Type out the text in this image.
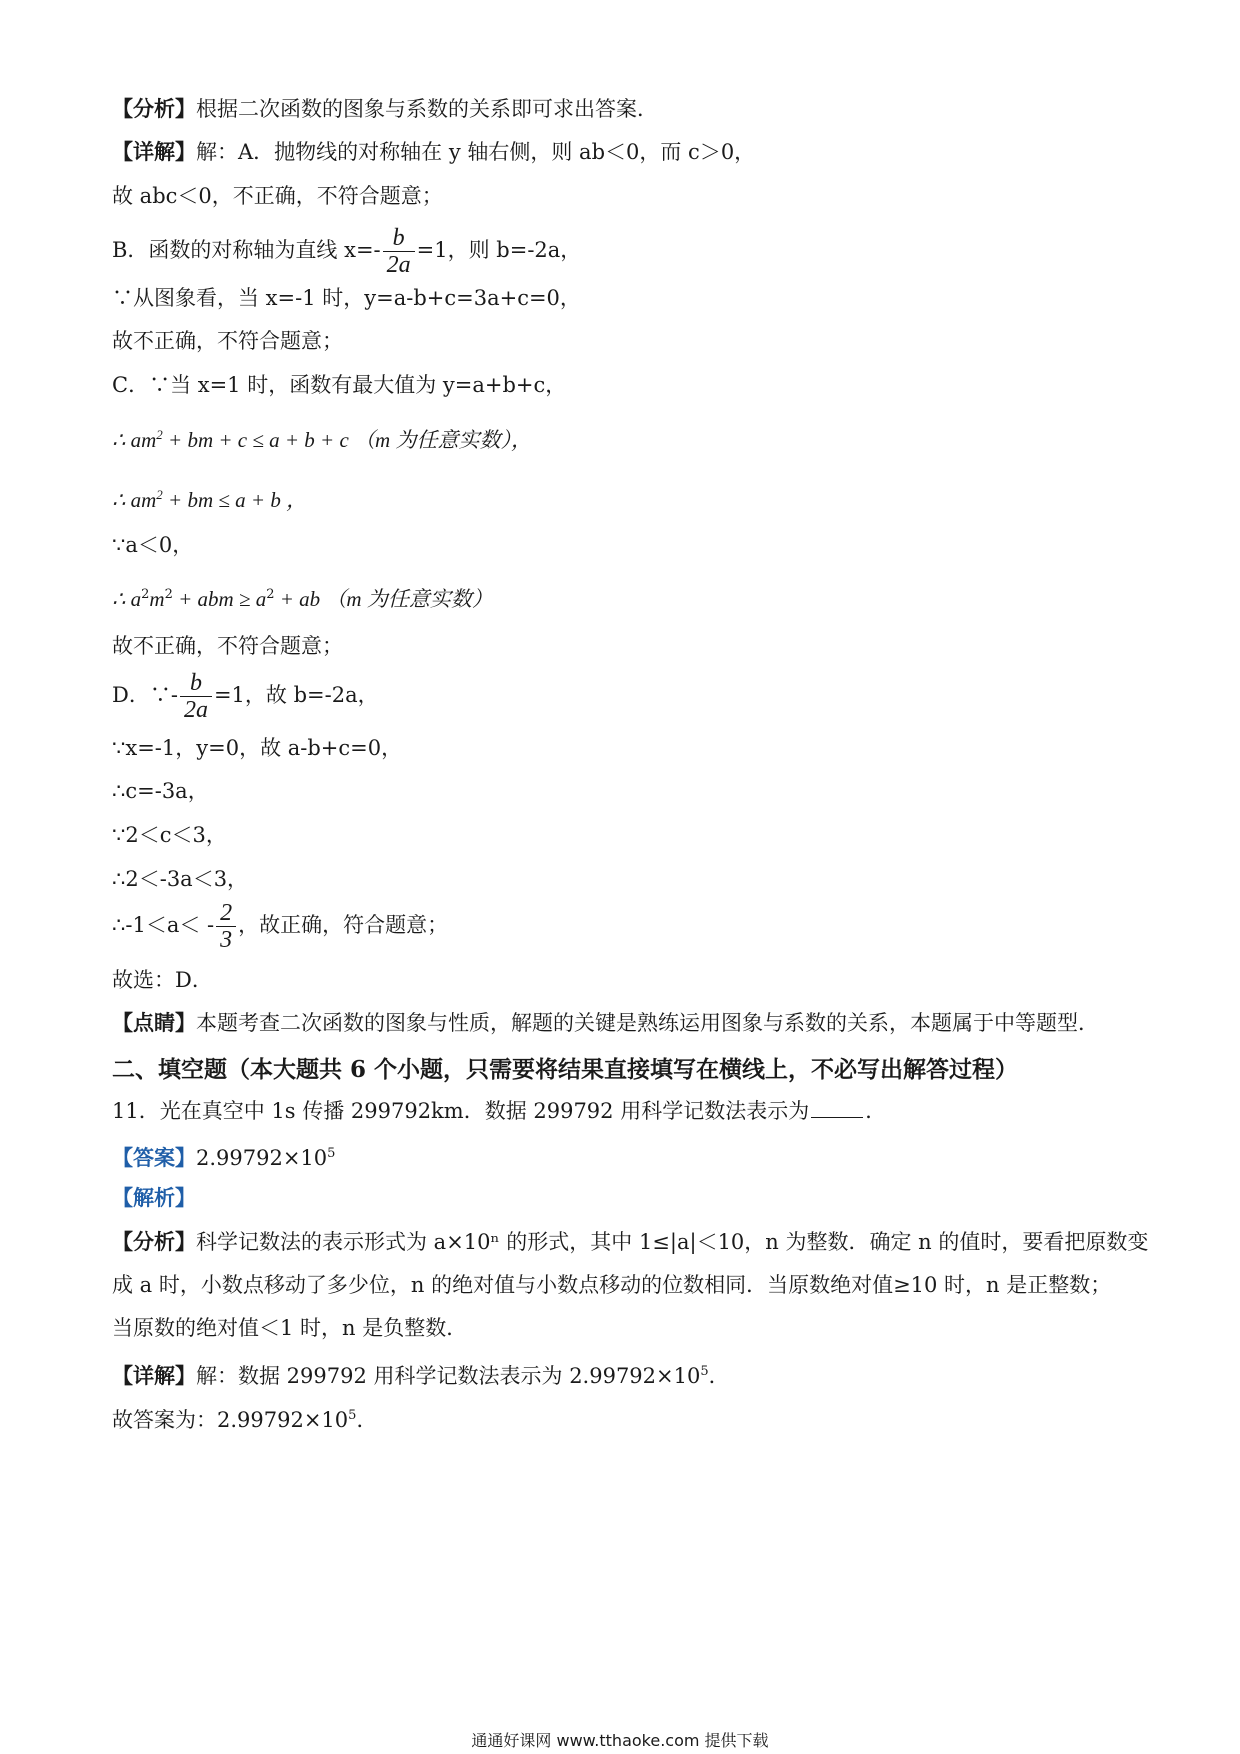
【分析】根据二次函数的图象与系数的关系即可求出答案．
【详解】解：A．抛物线的对称轴在 y 轴右侧，则 ab＜0，而 c＞0，
故 abc＜0，不正确，不符合题意；
B．函数的对称轴为直线 $x=- \frac{b}{2a} =1$，则 b=-2a，
∵从图象看，当 x=-1 时，y=a-b+c=3a+c=0，
故不正确，不符合题意；
C．∵当 x=1 时，函数有最大值为 y=a+b+c，
∴ $am^2$ + bm + c ≤ a + b + c （m 为任意实数），
∴ $am^2$ + bm ≤ a + b ，
∵a＜0，
∴ $a^2m^2$ + abm ≥ $a^2$ + ab （m 为任意实数）
故不正确，不符合题意；
D．∵- $\frac{b}{2a} =1$，故 b=-2a，
∵x=-1，y=0，故 a-b+c=0，
∴c=-3a，
∵2＜c＜3，
∴2＜-3a＜3，
∴-1＜a＜ - $\frac{2}{3}$ ，故正确，符合题意；
故选：D．
【点睛】本题考查二次函数的图象与性质，解题的关键是熟练运用图象与系数的关系，本题属于中等题型．
二、填空题（本大题共 6 个小题，只需要将结果直接填写在横线上，不必写出解答过程）
11．光在真空中 1s 传播 299792km．数据 299792 用科学记数法表示为	．
【答案】$2.99792\times 10^5$
【解析】
【分析】科学记数法的表示形式为 a×10ⁿ 的形式，其中 1≤|a|＜10，n 为整数．确定 n 的值时，要看把原数变
成 a 时，小数点移动了多少位，n 的绝对值与小数点移动的位数相同．当原数绝对值≥10 时，n 是正整数；
当原数的绝对值＜1 时，n 是负整数．
【详解】解：数据 299792 用科学记数法表示为 $2.99792\times 10^5$．
故答案为：$2.99792\times 10^5$．
通通好课网 www.tthaoke.com 提供下载
